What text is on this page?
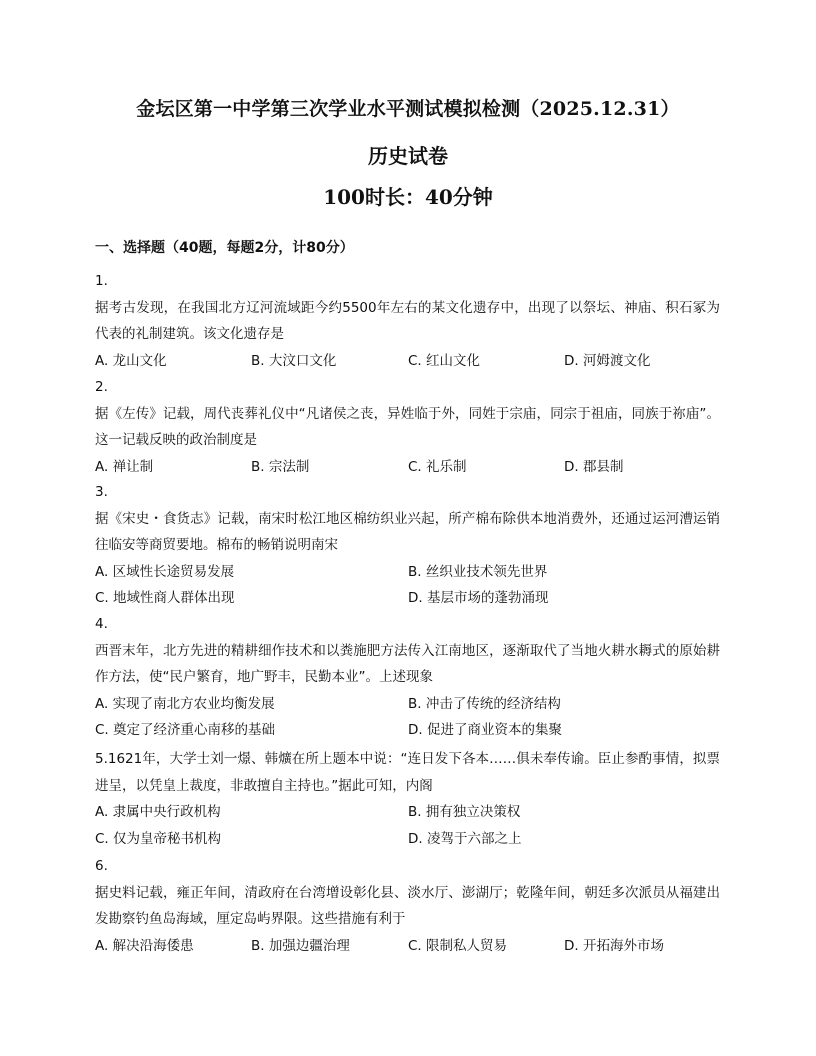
金坛区第一中学第三次学业水平测试模拟检测（2025.12.31）
历史试卷
100时长：40分钟
一、选择题（40题，每题2分，计80分）
1.
据考古发现，在我国北方辽河流域距今约5500年左右的某文化遗存中，出现了以祭坛、神庙、积石冢为代表的礼制建筑。该文化遗存是
A. 龙山文化	B. 大汶口文化	C. 红山文化	D. 河姆渡文化
2.
据《左传》记载，周代丧葬礼仪中“凡诸侯之丧，异姓临于外，同姓于宗庙，同宗于祖庙，同族于祢庙”。这一记载反映的政治制度是
A. 禅让制	B. 宗法制	C. 礼乐制	D. 郡县制
3.
据《宋史・食货志》记载，南宋时松江地区棉纺织业兴起，所产棉布除供本地消费外，还通过运河漕运销往临安等商贸要地。棉布的畅销说明南宋
A. 区域性长途贸易发展	B. 丝织业技术领先世界
C. 地域性商人群体出现	D. 基层市场的蓬勃涌现
4.
西晋末年，北方先进的精耕细作技术和以粪施肥方法传入江南地区，逐渐取代了当地火耕水耨式的原始耕作方法，使“民户繁育，地广野丰，民勤本业”。上述现象
A. 实现了南北方农业均衡发展	B. 冲击了传统的经济结构
C. 奠定了经济重心南移的基础	D. 促进了商业资本的集聚
5.1621年，大学士刘一燝、韩爌在所上题本中说：“连日发下各本……俱未奉传谕。臣止参酌事情，拟票进呈，以凭皇上裁度，非敢擅自主持也。”据此可知，内阁
A. 隶属中央行政机构	B. 拥有独立决策权
C. 仅为皇帝秘书机构	D. 凌驾于六部之上
6.
据史料记载，雍正年间，清政府在台湾增设彰化县、淡水厅、澎湖厅；乾隆年间，朝廷多次派员从福建出发勘察钓鱼岛海域，厘定岛屿界限。这些措施有利于
A. 解决沿海倭患	B. 加强边疆治理	C. 限制私人贸易	D. 开拓海外市场
